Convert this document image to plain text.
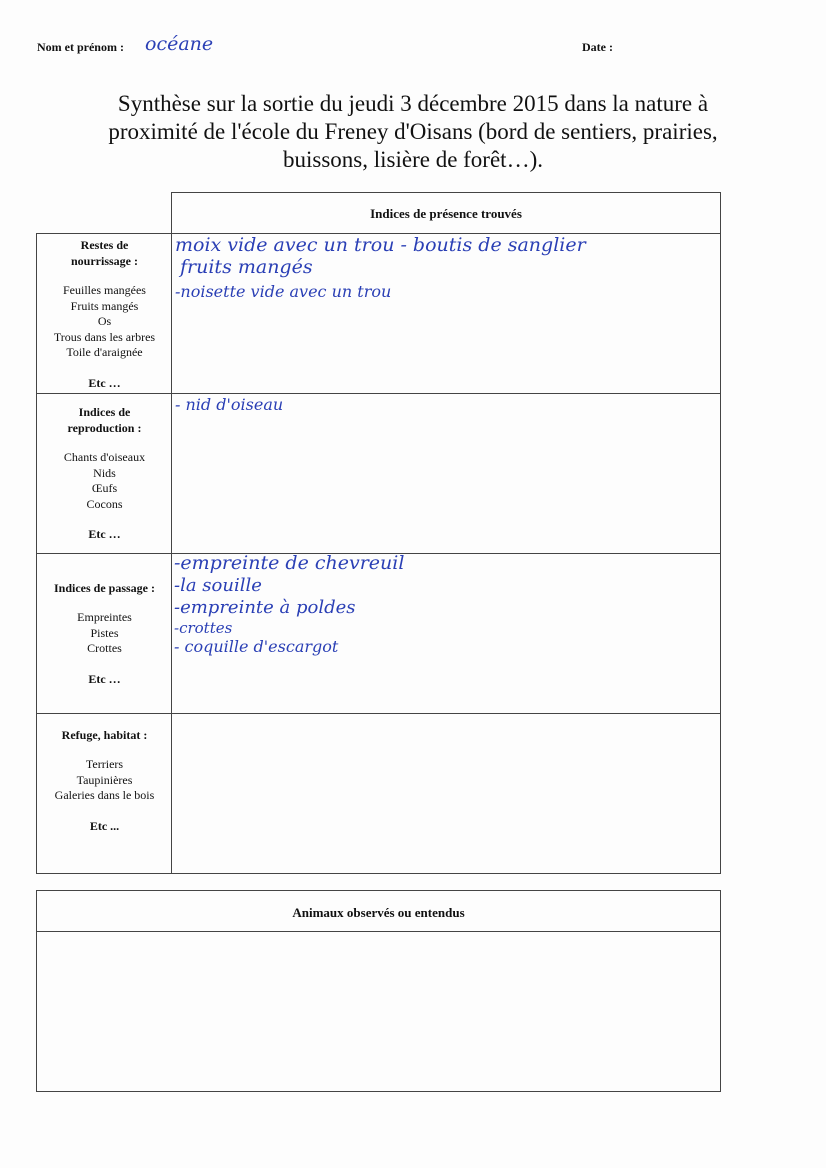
Nom et prénom : océane	Date :
Synthèse sur la sortie du jeudi 3 décembre 2015 dans la nature à
proximité de l'école du Freney d'Oisans (bord de sentiers, prairies,
buissons, lisière de forêt…).
Indices de présence trouvés
Restes de
nourrissage :
Feuilles mangées
Fruits mangés
Os
Trous dans les arbres
Toile d'araignée
Etc …
moix vide avec un trou - boutis de sanglier
fruits mangés
-noisette vide avec un trou
Indices de
reproduction :
Chants d'oiseaux
Nids
Œufs
Cocons
Etc …
- nid d'oiseau
Indices de passage :
Empreintes
Pistes
Crottes
Etc …
-empreinte de chevreuil
-la souille
-empreinte à poldes
-crottes
- coquille d'escargot
Refuge, habitat :
Terriers
Taupinières
Galeries dans le bois
Etc ...
Animaux observés ou entendus
